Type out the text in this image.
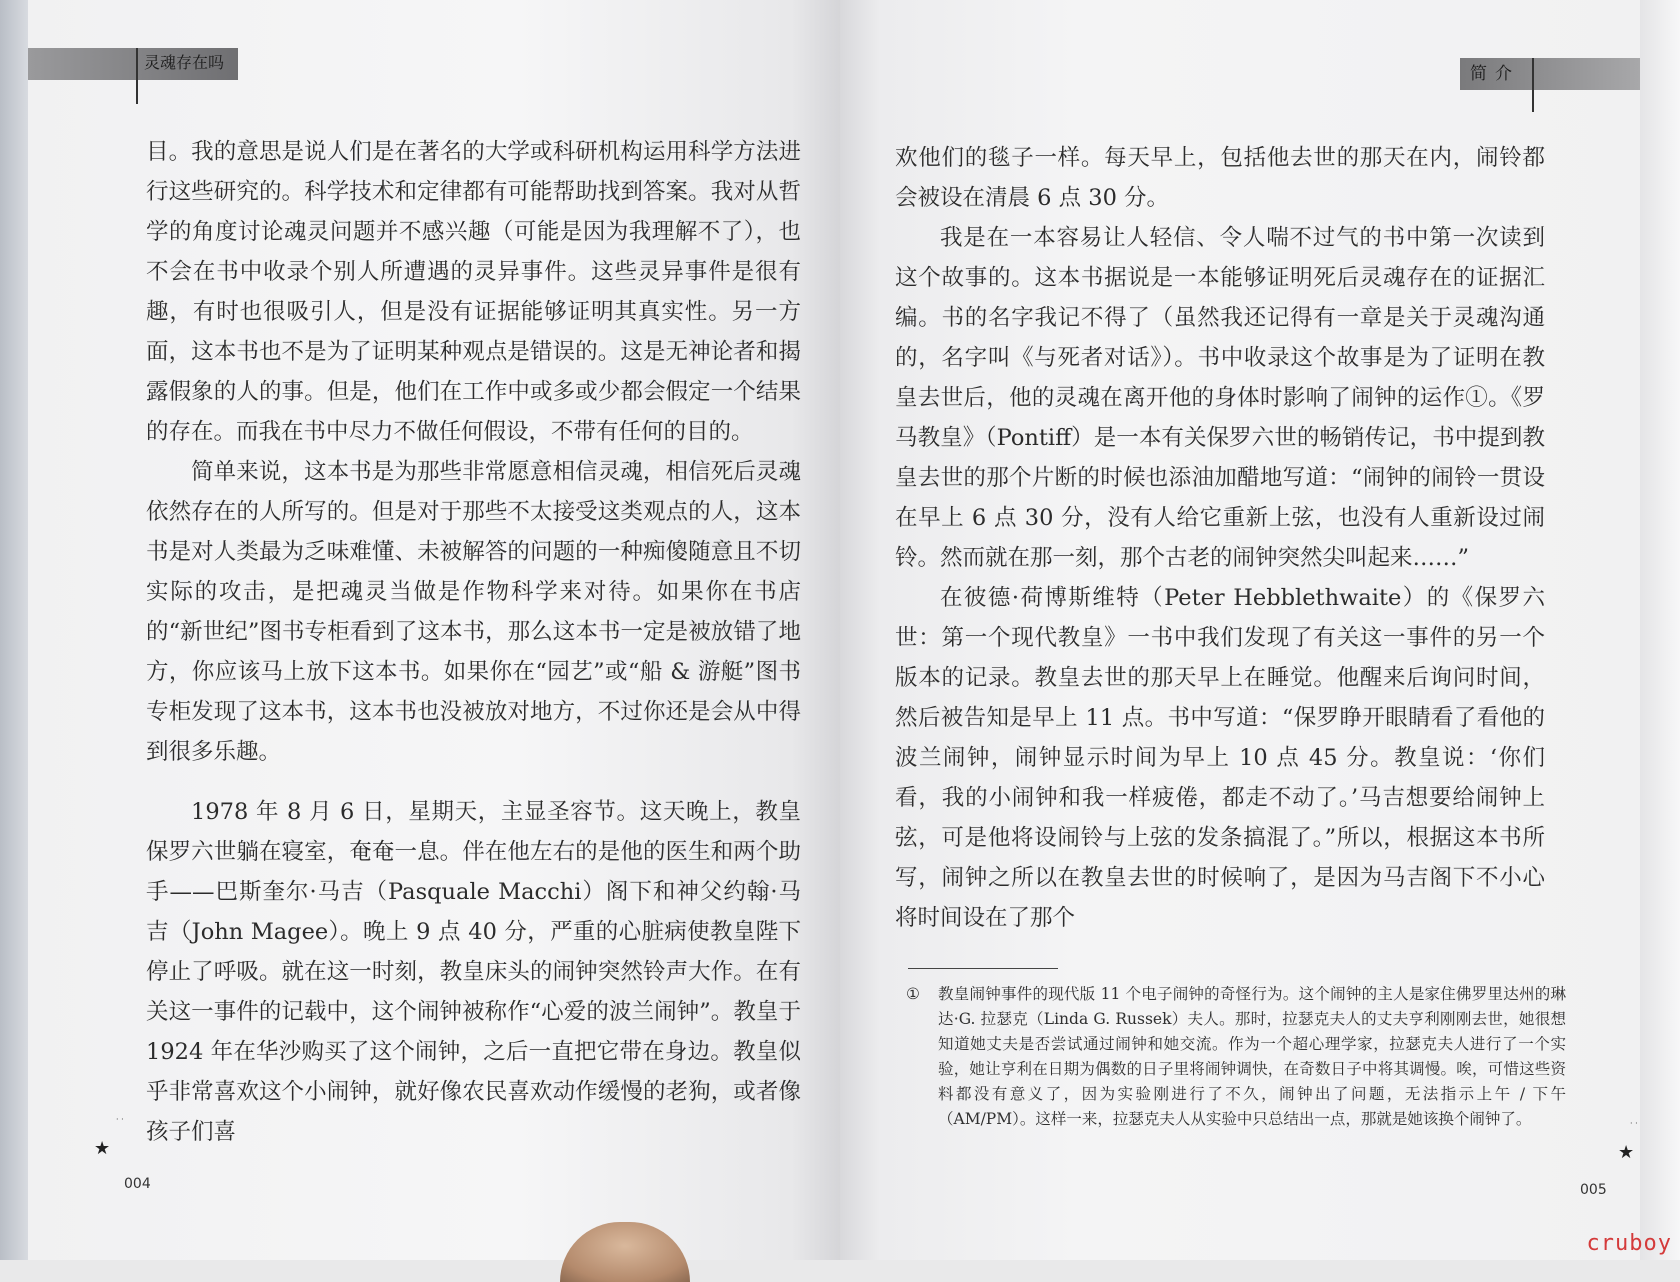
灵魂存在吗

目。我的意思是说人们是在著名的大学或科研机构运用科学方法进行这些研究的。科学技术和定律都有可能帮助找到答案。我对从哲学的角度讨论魂灵问题并不感兴趣（可能是因为我理解不了），也不会在书中收录个别人所遭遇的灵异事件。这些灵异事件是很有趣，有时也很吸引人，但是没有证据能够证明其真实性。另一方面，这本书也不是为了证明某种观点是错误的。这是无神论者和揭露假象的人的事。但是，他们在工作中或多或少都会假定一个结果的存在。而我在书中尽力不做任何假设，不带有任何的目的。

简单来说，这本书是为那些非常愿意相信灵魂，相信死后灵魂依然存在的人所写的。但是对于那些不太接受这类观点的人，这本书是对人类最为乏味难懂、未被解答的问题的一种痴傻随意且不切实际的攻击，是把魂灵当做是作物科学来对待。如果你在书店的“新世纪”图书专柜看到了这本书，那么这本书一定是被放错了地方，你应该马上放下这本书。如果你在“园艺”或“船 & 游艇”图书专柜发现了这本书，这本书也没被放对地方，不过你还是会从中得到很多乐趣。

1978 年 8 月 6 日，星期天，主显圣容节。这天晚上，教皇保罗六世躺在寝室，奄奄一息。伴在他左右的是他的医生和两个助手——巴斯奎尔·马吉（Pasquale Macchi）阁下和神父约翰·马吉（John Magee）。晚上 9 点 40 分，严重的心脏病使教皇陛下停止了呼吸。就在这一时刻，教皇床头的闹钟突然铃声大作。在有关这一事件的记载中，这个闹钟被称作“心爱的波兰闹钟”。教皇于 1924 年在华沙购买了这个闹钟，之后一直把它带在身边。教皇似乎非常喜欢这个小闹钟，就好像农民喜欢动作缓慢的老狗，或者像孩子们喜

· ·
★
004
简介

欢他们的毯子一样。每天早上，包括他去世的那天在内，闹铃都会被设在清晨 6 点 30 分。

我是在一本容易让人轻信、令人喘不过气的书中第一次读到这个故事的。这本书据说是一本能够证明死后灵魂存在的证据汇编。书的名字我记不得了（虽然我还记得有一章是关于灵魂沟通的，名字叫《与死者对话》）。书中收录这个故事是为了证明在教皇去世后，他的灵魂在离开他的身体时影响了闹钟的运作①。《罗马教皇》（Pontiff）是一本有关保罗六世的畅销传记，书中提到教皇去世的那个片断的时候也添油加醋地写道：“闹钟的闹铃一贯设在早上 6 点 30 分，没有人给它重新上弦，也没有人重新设过闹铃。然而就在那一刻，那个古老的闹钟突然尖叫起来……”

在彼德·荷博斯维特（Peter Hebblethwaite）的《保罗六世：第一个现代教皇》一书中我们发现了有关这一事件的另一个版本的记录。教皇去世的那天早上在睡觉。他醒来后询问时间，然后被告知是早上 11 点。书中写道：“保罗睁开眼睛看了看他的波兰闹钟，闹钟显示时间为早上 10 点 45 分。教皇说：‘你们看，我的小闹钟和我一样疲倦，都走不动了。’马吉想要给闹钟上弦，可是他将设闹铃与上弦的发条搞混了。”所以，根据这本书所写，闹钟之所以在教皇去世的时候响了，是因为马吉阁下不小心将时间设在了那个

① 教皇闹钟事件的现代版 11 个电子闹钟的奇怪行为。这个闹钟的主人是家住佛罗里达州的琳达·G. 拉瑟克（Linda G. Russek）夫人。那时，拉瑟克夫人的丈夫亨利刚刚去世，她很想知道她丈夫是否尝试通过闹钟和她交流。作为一个超心理学家，拉瑟克夫人进行了一个实验，她让亨利在日期为偶数的日子里将闹钟调快，在奇数日子中将其调慢。唉，可惜这些资料都没有意义了，因为实验刚进行了不久，闹钟出了问题，无法指示上午 / 下午（AM/PM）。这样一来，拉瑟克夫人从实验中只总结出一点，那就是她该换个闹钟了。	· ·
★
005
cruboy
